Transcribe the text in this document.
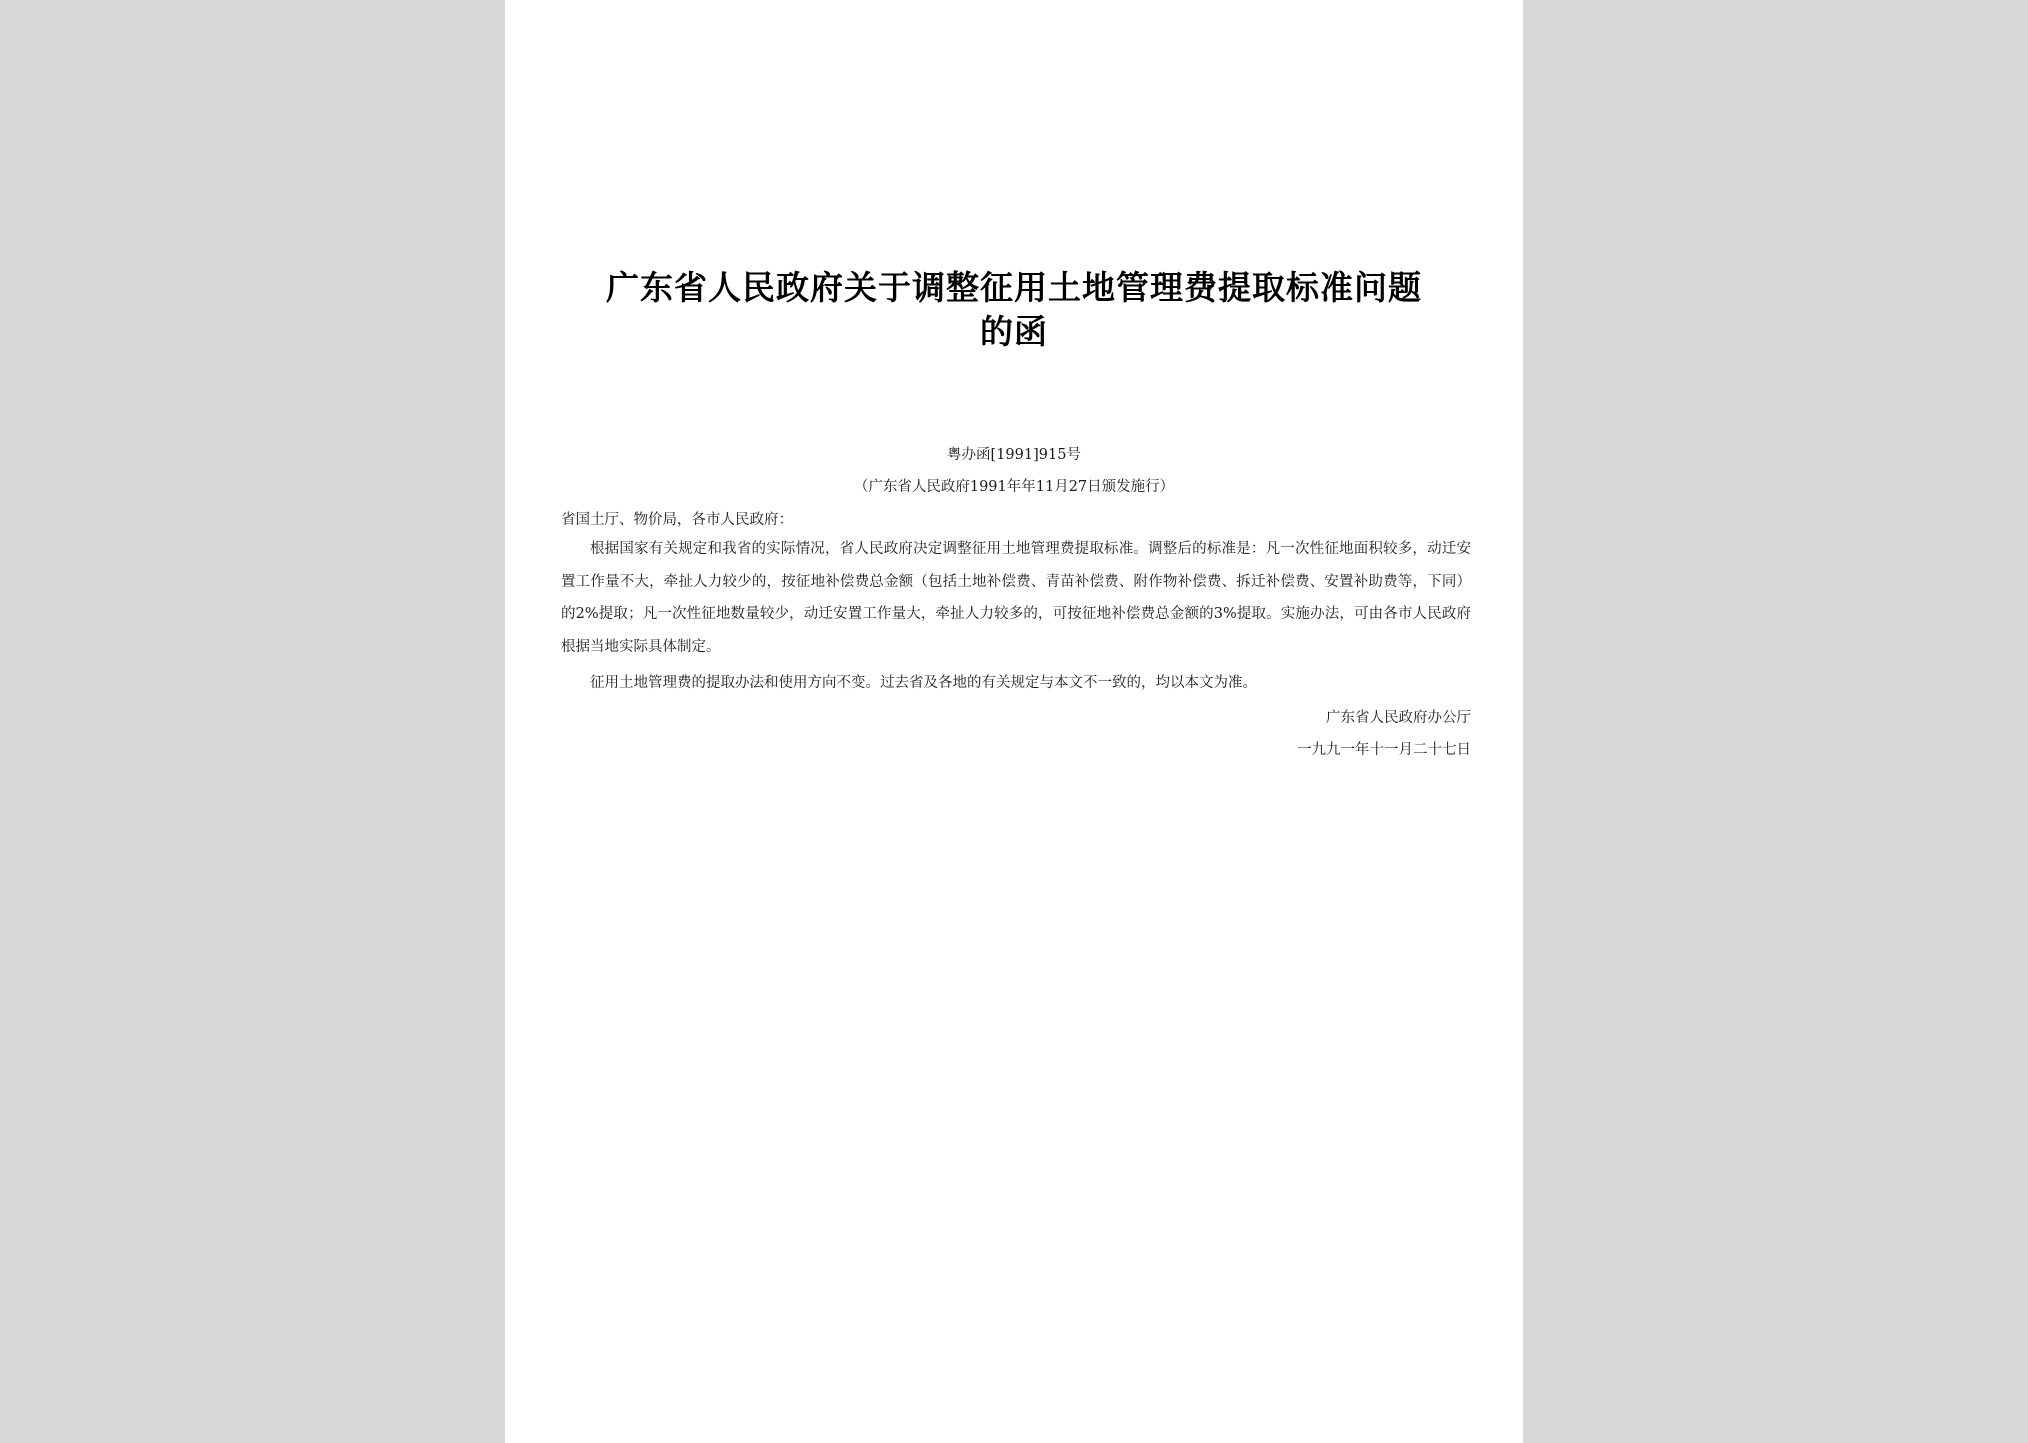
广东省人民政府关于调整征用土地管理费提取标准问题
的函
粤办函[1991]915号
（广东省人民政府1991年年11月27日颁发施行）
省国土厅、物价局，各市人民政府：
根据国家有关规定和我省的实际情况，省人民政府决定调整征用土地管理费提取标准。调整后的标准是：凡一次性征地面积较多，动迁安置工作量不大，牵扯人力较少的，按征地补偿费总金额（包括土地补偿费、青苗补偿费、附作物补偿费、拆迁补偿费、安置补助费等，下同）的2%提取；凡一次性征地数量较少，动迁安置工作量大，牵扯人力较多的，可按征地补偿费总金额的3%提取。实施办法，可由各市人民政府根据当地实际具体制定。
征用土地管理费的提取办法和使用方向不变。过去省及各地的有关规定与本文不一致的，均以本文为准。
广东省人民政府办公厅
一九九一年十一月二十七日
